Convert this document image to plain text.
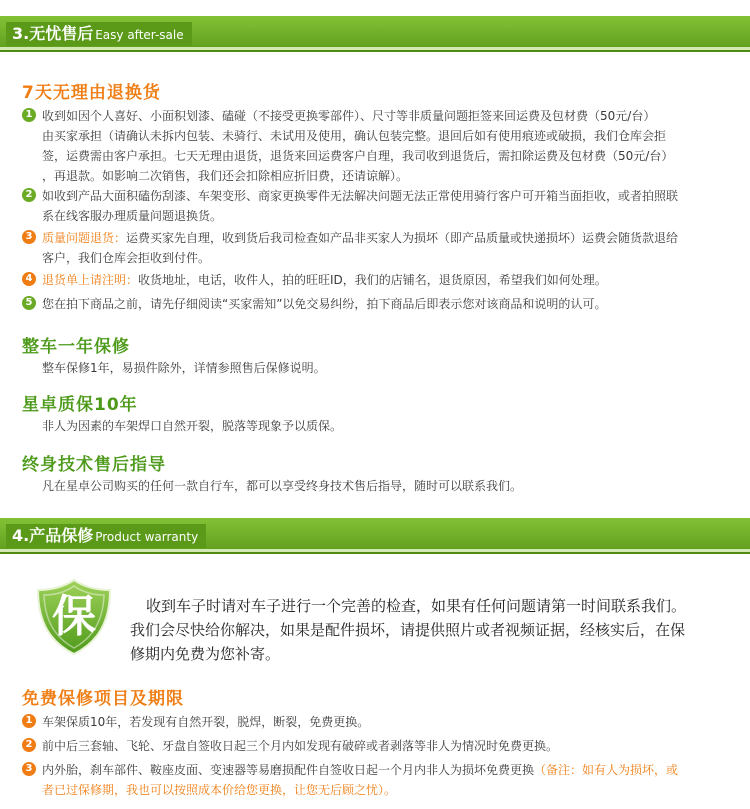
3.无忧售后 Easy after-sale
7天无理由退换货
1 收到如因个人喜好、小面积划漆、磕碰（不接受更换零部件）、尺寸等非质量问题拒签来回运费及包材费（50元/台）
由买家承担（请确认未拆内包装、未骑行、未试用及使用，确认包装完整。退回后如有使用痕迹或破损，我们仓库会拒
签，运费需由客户承担。七天无理由退货，退货来回运费客户自理，我司收到退货后，需扣除运费及包材费（50元/台）
，再退款。如影响二次销售，我们还会扣除相应折旧费，还请谅解）。
2 如收到产品大面积磕伤刮漆、车架变形、商家更换零件无法解决问题无法正常使用骑行客户可开箱当面拒收，或者拍照联
系在线客服办理质量问题退换货。
3 质量问题退货：运费买家先自理，收到货后我司检查如产品非买家人为损坏（即产品质量或快递损坏）运费会随货款退给
客户，我们仓库会拒收到付件。
4 退货单上请注明：收货地址，电话，收件人，拍的旺旺ID，我们的店铺名，退货原因，希望我们如何处理。
5 您在拍下商品之前，请先仔细阅读“买家需知”以免交易纠纷，拍下商品后即表示您对该商品和说明的认可。
整车一年保修
整车保修1年，易损件除外，详情参照售后保修说明。
星卓质保10年
非人为因素的车架焊口自然开裂，脱落等现象予以质保。
终身技术售后指导
凡在星卓公司购买的任何一款自行车，都可以享受终身技术售后指导，随时可以联系我们。
4.产品保修 Product warranty
保	收到车子时请对车子进行一个完善的检查，如果有任何问题请第一时间联系我们。
我们会尽快给你解决，如果是配件损坏，请提供照片或者视频证据，经核实后，在保
修期内免费为您补寄。
免费保修项目及期限
1 车架保质10年，若发现有自然开裂，脱焊，断裂，免费更换。
2 前中后三套轴、飞轮、牙盘自签收日起三个月内如发现有破碎或者剥落等非人为情况时免费更换。
3 内外胎，刹车部件、鞍座皮面、变速器等易磨损配件自签收日起一个月内非人为损坏免费更换（备注：如有人为损坏，或
者已过保修期，我也可以按照成本价给您更换，让您无后顾之忧）。
